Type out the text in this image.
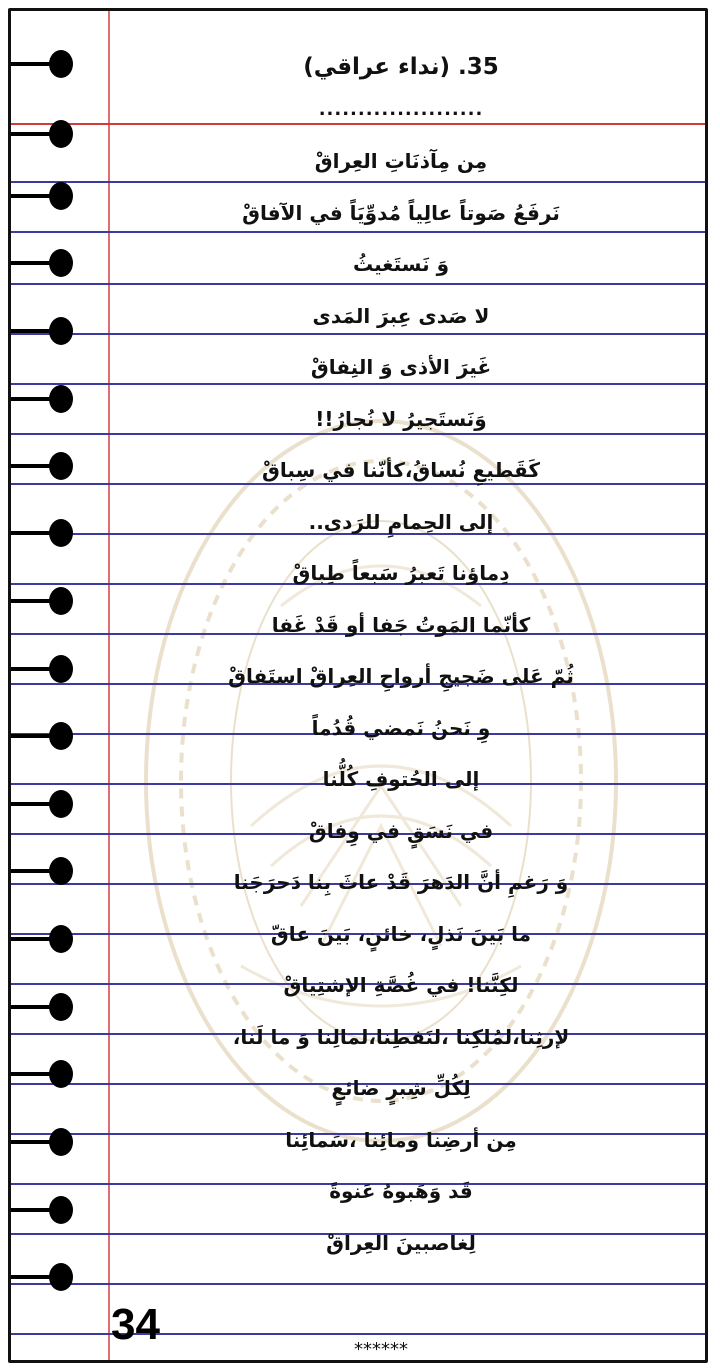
35. (نداء عراقي)
.....................
مِن مِآذنَاتِ العِراقْ
نَرفَعُ صَوتاً عالِياً مُدوِّيَاً في الآفاقْ
وَ نَستَغيثُ
لا صَدى عِبرَ المَدى
غَيرَ الأذى وَ النِفاقْ
وَنَستَجيرُ لا نُجارُ!!
كَقَطيعِ نُساقُ،كأنّنا في سِباقْ
إلى الحِمامِ للرَدى..
دِماؤنا تَعبرُ سَبعاً طِباقْ
كأنّما المَوتُ جَفا أو قَدْ غَفا
ثُمّ عَلى ضَجيجِ أرواحِ العِراقْ استَفاقْ
وِ نَحنُ نَمضي قُدُماً
إلى الحُتوفِ كُلُّنا
في نَسَقٍ في وِفاقْ
وَ رَغمِ أنَّ الدَهرَ قَدْ عاثَ بِنا دَحرَجَنا
ما بَينَ نَذلٍ، خائنٍ، بَينَ عاقّ
لكِنَّنا! في غُصَّةِ الإشتِياقْ
لإرثِنا،لمُلكِنا ،لنَفطِنا،لمالِنا وَ ما لَنا،
لِكُلِّ شِبرٍ ضائعٍ
مِن أرضِنا ومائِنا ،سَمائِنا
قَد وَهَبوهُ عَنوةً
لِغاصبينَ العِراقْ
34
******
